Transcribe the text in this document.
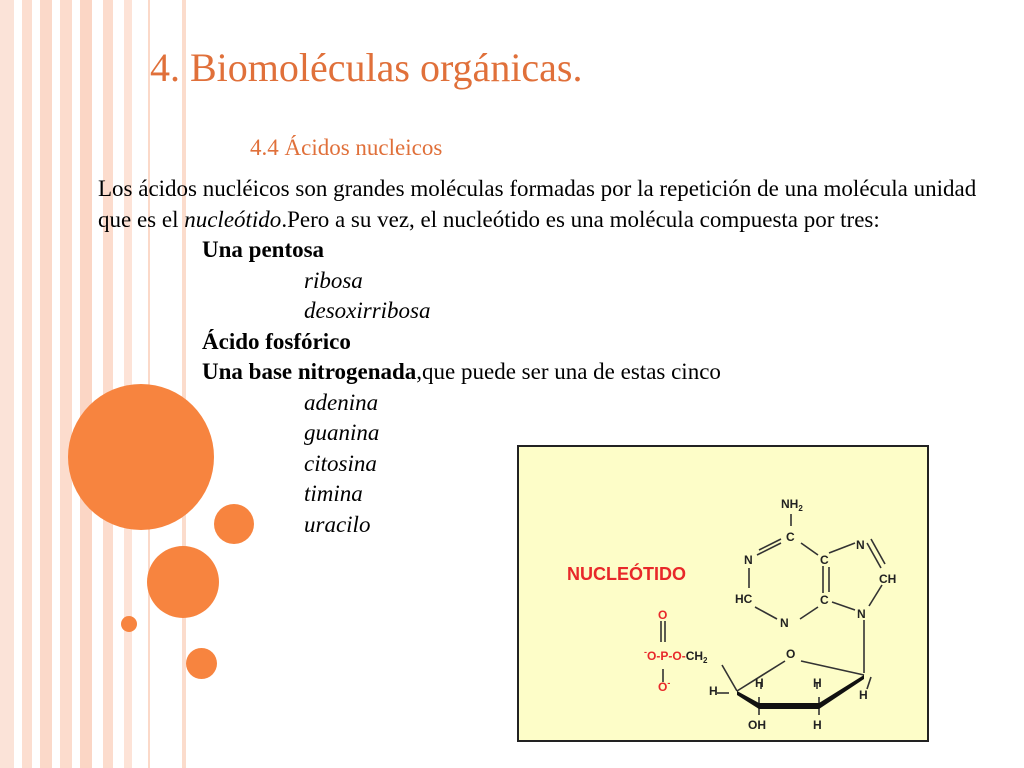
4. Biomoléculas orgánicas.
4.4 Ácidos nucleicos

Los ácidos nucléicos son grandes moléculas formadas por la repetición de una molécula unidad que es el nucleótido.Pero a su vez, el nucleótido es una molécula compuesta por tres:

Una pentosa

ribosa

desoxirribosa

Ácido fosfórico

Una base nitrogenada,que puede ser una de estas cinco

adenina

guanina

citosina

timina

uracilo

NUCLEÓTIDO
$NH_2$
C
N	C
N
CH
HC	C
N
N
O
$^-O-P-O-CH_2$
O-
O
H
H	H
H
OH	H
